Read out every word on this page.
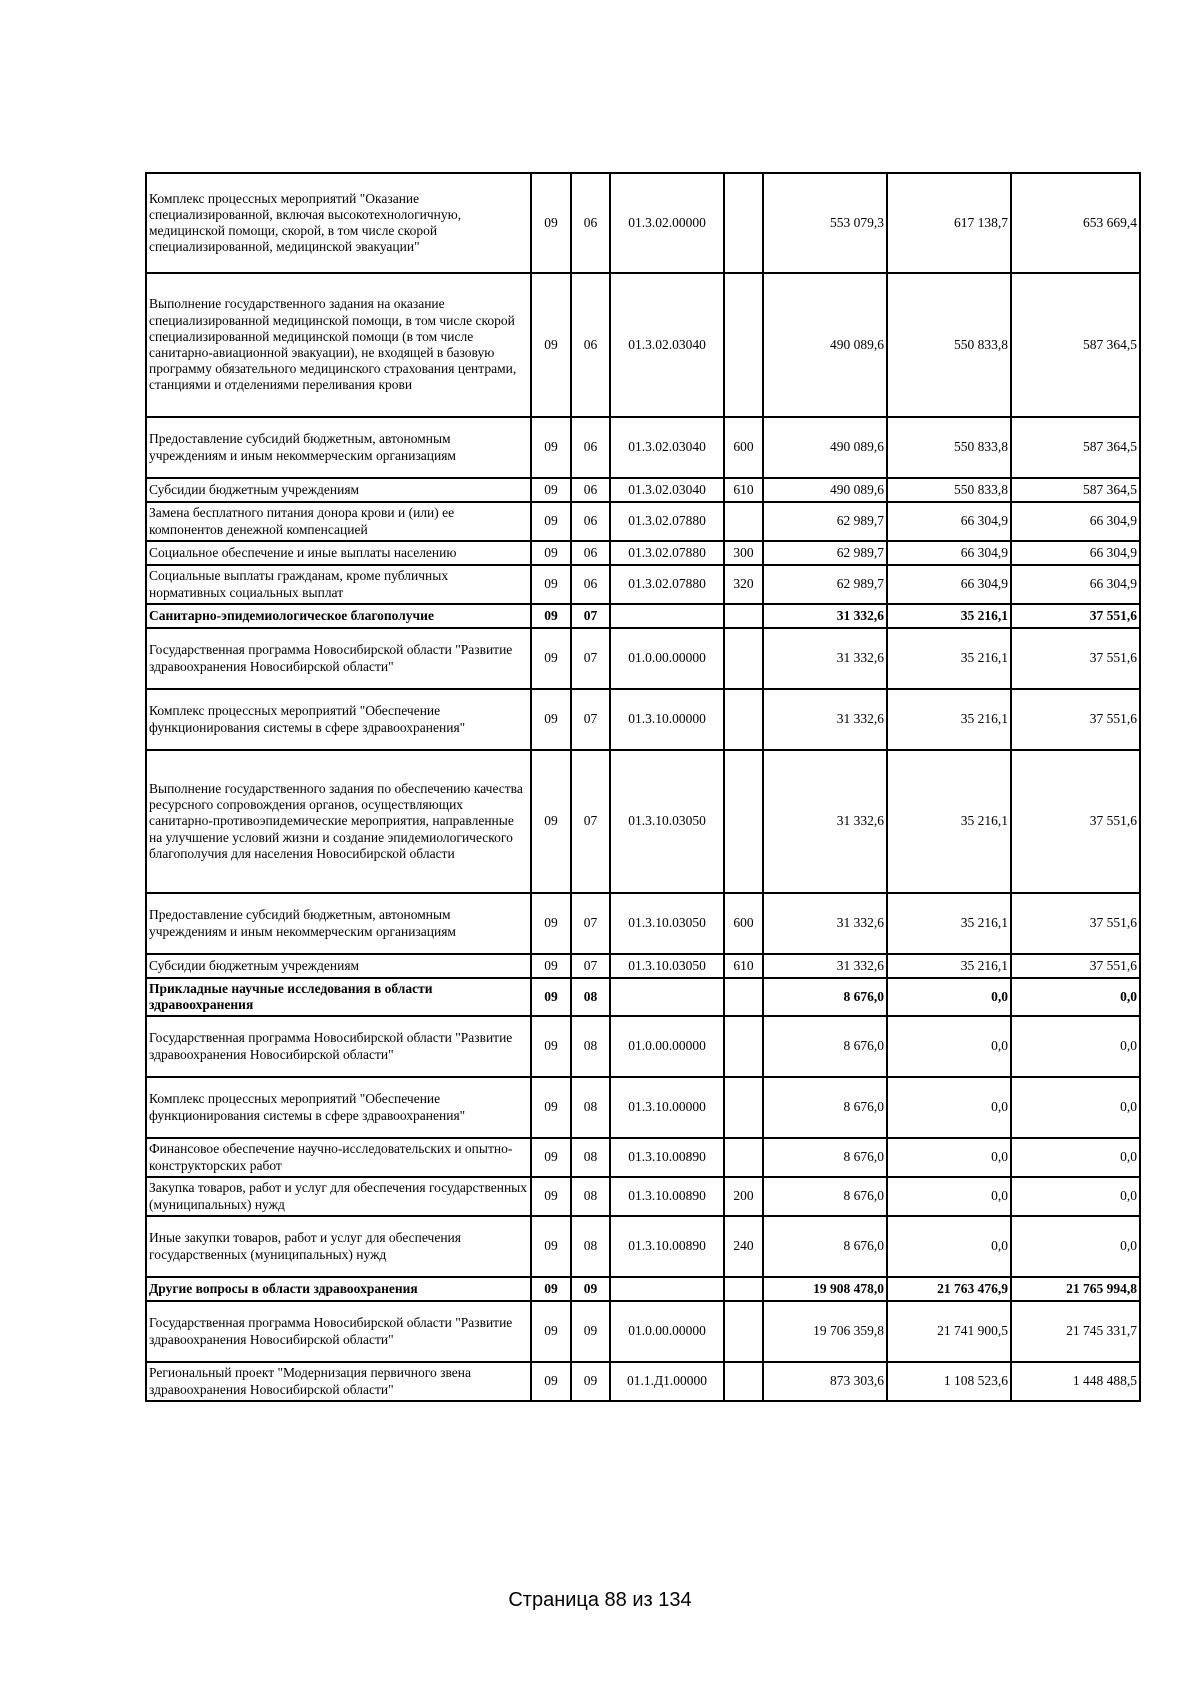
Комплекс процессных мероприятий "Оказание специализированной, включая высокотехнологичную, медицинской помощи, скорой, в том числе скорой специализированной, медицинской эвакуации"	09	06	01.3.02.00000		553 079,3	617 138,7	653 669,4
Выполнение государственного задания на оказание специализированной медицинской помощи, в том числе скорой специализированной медицинской помощи (в том числе санитарно-авиационной эвакуации), не входящей в базовую программу обязательного медицинского страхования центрами, станциями и отделениями переливания крови	09	06	01.3.02.03040		490 089,6	550 833,8	587 364,5
Предоставление субсидий бюджетным, автономным учреждениям и иным некоммерческим организациям	09	06	01.3.02.03040	600	490 089,6	550 833,8	587 364,5
Субсидии бюджетным учреждениям	09	06	01.3.02.03040	610	490 089,6	550 833,8	587 364,5
Замена бесплатного питания донора крови и (или) ее компонентов денежной компенсацией	09	06	01.3.02.07880		62 989,7	66 304,9	66 304,9
Социальное обеспечение и иные выплаты населению	09	06	01.3.02.07880	300	62 989,7	66 304,9	66 304,9
Социальные выплаты гражданам, кроме публичных нормативных социальных выплат	09	06	01.3.02.07880	320	62 989,7	66 304,9	66 304,9
Санитарно-эпидемиологическое благополучие	09	07			31 332,6	35 216,1	37 551,6
Государственная программа Новосибирской области "Развитие здравоохранения Новосибирской области"	09	07	01.0.00.00000		31 332,6	35 216,1	37 551,6
Комплекс процессных мероприятий "Обеспечение функционирования системы в сфере здравоохранения"	09	07	01.3.10.00000		31 332,6	35 216,1	37 551,6
Выполнение государственного задания по обеспечению качества ресурсного сопровождения органов, осуществляющих санитарно-противоэпидемические мероприятия, направленные на улучшение условий жизни и создание эпидемиологического благополучия для населения Новосибирской области	09	07	01.3.10.03050		31 332,6	35 216,1	37 551,6
Предоставление субсидий бюджетным, автономным учреждениям и иным некоммерческим организациям	09	07	01.3.10.03050	600	31 332,6	35 216,1	37 551,6
Субсидии бюджетным учреждениям	09	07	01.3.10.03050	610	31 332,6	35 216,1	37 551,6
Прикладные научные исследования в области здравоохранения	09	08			8 676,0	0,0	0,0
Государственная программа Новосибирской области "Развитие здравоохранения Новосибирской области"	09	08	01.0.00.00000		8 676,0	0,0	0,0
Комплекс процессных мероприятий "Обеспечение функционирования системы в сфере здравоохранения"	09	08	01.3.10.00000		8 676,0	0,0	0,0
Финансовое обеспечение научно-исследовательских и опытно-конструкторских работ	09	08	01.3.10.00890		8 676,0	0,0	0,0
Закупка товаров, работ и услуг для обеспечения государственных (муниципальных) нужд	09	08	01.3.10.00890	200	8 676,0	0,0	0,0
Иные закупки товаров, работ и услуг для обеспечения государственных (муниципальных) нужд	09	08	01.3.10.00890	240	8 676,0	0,0	0,0
Другие вопросы в области здравоохранения	09	09			19 908 478,0	21 763 476,9	21 765 994,8
Государственная программа Новосибирской области "Развитие здравоохранения Новосибирской области"	09	09	01.0.00.00000		19 706 359,8	21 741 900,5	21 745 331,7
Региональный проект "Модернизация первичного звена здравоохранения Новосибирской области"	09	09	01.1.Д1.00000		873 303,6	1 108 523,6	1 448 488,5
Страница 88 из 134
